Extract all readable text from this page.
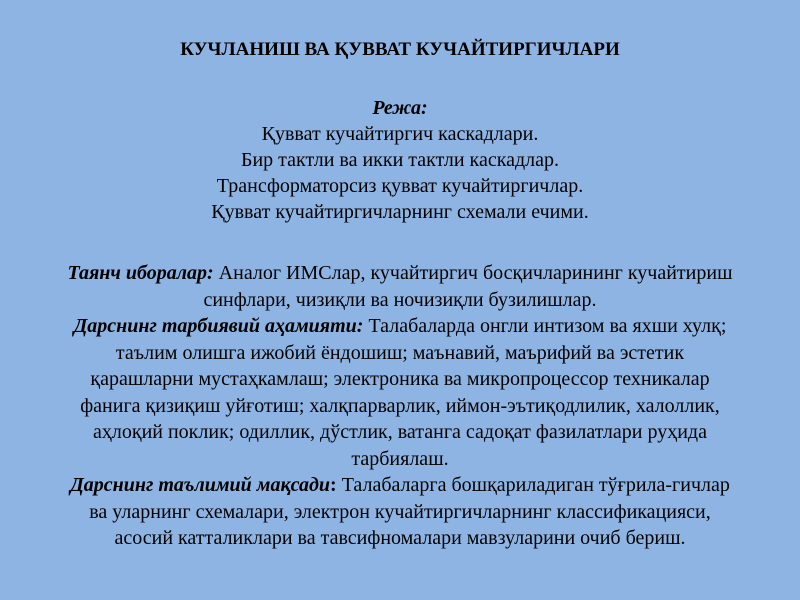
КУЧЛАНИШ ВА ҚУВВАТ КУЧАЙТИРГИЧЛАРИ
Режа:
Қувват кучайтиргич каскадлари.
Бир тактли ва икки тактли каскадлар.
Трансформаторсиз қувват кучайтиргичлар.
Қувват кучайтиргичларнинг схемали ечими.
Таянч иборалар: Аналог ИМСлар, кучайтиргич босқичларининг кучайтириш
синфлари, чизиқли ва ночизиқли бузилишлар.
Дарснинг тарбиявий аҳамияти: Талабаларда онгли интизом ва яхши хулқ;
таълим олишга ижобий ёндошиш; маънавий, маърифий ва эстетик
қарашларни мустаҳкамлаш; электроника ва микропроцессор техникалар
фанига қизиқиш уйғотиш; халқпарварлик, иймон-эътиқодлилик, халоллик,
аҳлоқий поклик; одиллик, дўстлик, ватанга садоқат фазилатлари руҳида
тарбиялаш.
Дарснинг таълимий мақсади: Талабаларга бошқариладиган тўғрила-гичлар
ва уларнинг схемалари, электрон кучайтиргичларнинг классификацияси,
асосий катталиклари ва тавсифномалари мавзуларини очиб бериш.
